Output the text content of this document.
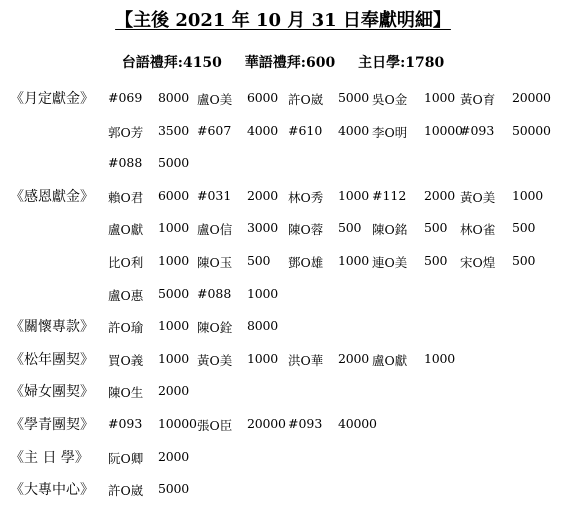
【主後 2021 年 10 月 31 日奉獻明細】
台語禮拜:4150 華語禮拜:600 主日學:1780
《月定獻金》 #069 8000 盧O美 6000 許O崴 5000 吳O金 1000 黃O育 20000
郭O芳 3500 #607 4000 #610 4000 李O明 10000
#093 50000
#088 5000
《感恩獻金》 賴O君 6000 #031 2000 林O秀 1000 #112 2000 黃O美 1000
盧O獻 1000 盧O信 3000 陳O蓉 500 陳O銘 500 林O雀 500
比O利 1000 陳O玉 500 鄧O雄 1000 連O美 500 宋O煌 500
盧O惠 5000 #088 1000
《關懷專款》 許O瑜 1000 陳O銓 8000
《松年團契》 買O義 1000 黃O美 1000 洪O華 2000 盧O獻 1000
《婦女團契》 陳O生 2000
《學青團契》 #093 10000 張O臣 20000 #093 40000
《主 日 學》 阮O卿 2000
《大專中心》 許O崴 5000
